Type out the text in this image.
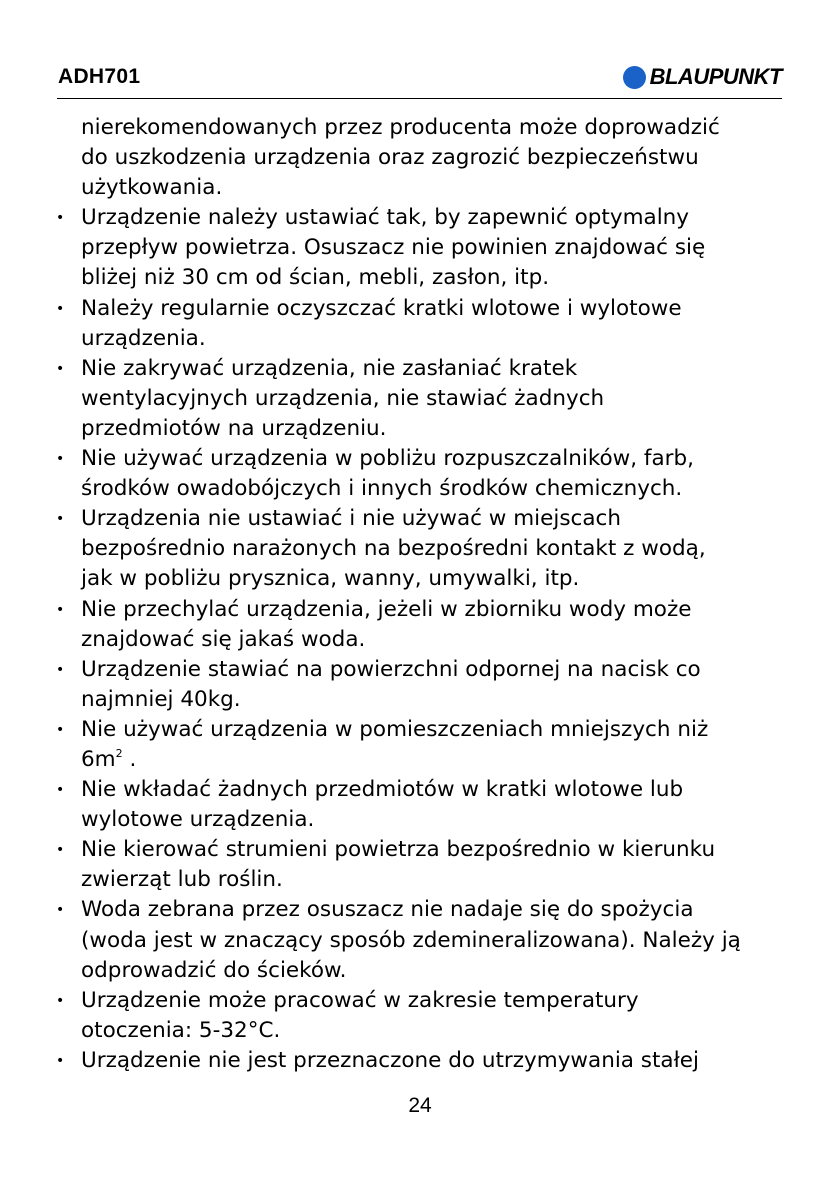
ADH701	BLAUPUNKT
nierekomendowanych przez producenta może doprowadzić
do uszkodzenia urządzenia oraz zagrozić bezpieczeństwu
użytkowania.
• Urządzenie należy ustawiać tak, by zapewnić optymalny
przepływ powietrza. Osuszacz nie powinien znajdować się
bliżej niż 30 cm od ścian, mebli, zasłon, itp.
• Należy regularnie oczyszczać kratki wlotowe i wylotowe
urządzenia.
• Nie zakrywać urządzenia, nie zasłaniać kratek
wentylacyjnych urządzenia, nie stawiać żadnych
przedmiotów na urządzeniu.
• Nie używać urządzenia w pobliżu rozpuszczalników, farb,
środków owadobójczych i innych środków chemicznych.
• Urządzenia nie ustawiać i nie używać w miejscach
bezpośrednio narażonych na bezpośredni kontakt z wodą,
jak w pobliżu prysznica, wanny, umywalki, itp.
• Nie przechylać urządzenia, jeżeli w zbiorniku wody może
znajdować się jakaś woda.
• Urządzenie stawiać na powierzchni odpornej na nacisk co
najmniej 40kg.
• Nie używać urządzenia w pomieszczeniach mniejszych niż
$6m^2$ .
• Nie wkładać żadnych przedmiotów w kratki wlotowe lub
wylotowe urządzenia.
• Nie kierować strumieni powietrza bezpośrednio w kierunku
zwierząt lub roślin.
• Woda zebrana przez osuszacz nie nadaje się do spożycia
(woda jest w znaczący sposób zdemineralizowana). Należy ją
odprowadzić do ścieków.
• Urządzenie może pracować w zakresie temperatury
otoczenia: 5-32°C.
• Urządzenie nie jest przeznaczone do utrzymywania stałej
24
